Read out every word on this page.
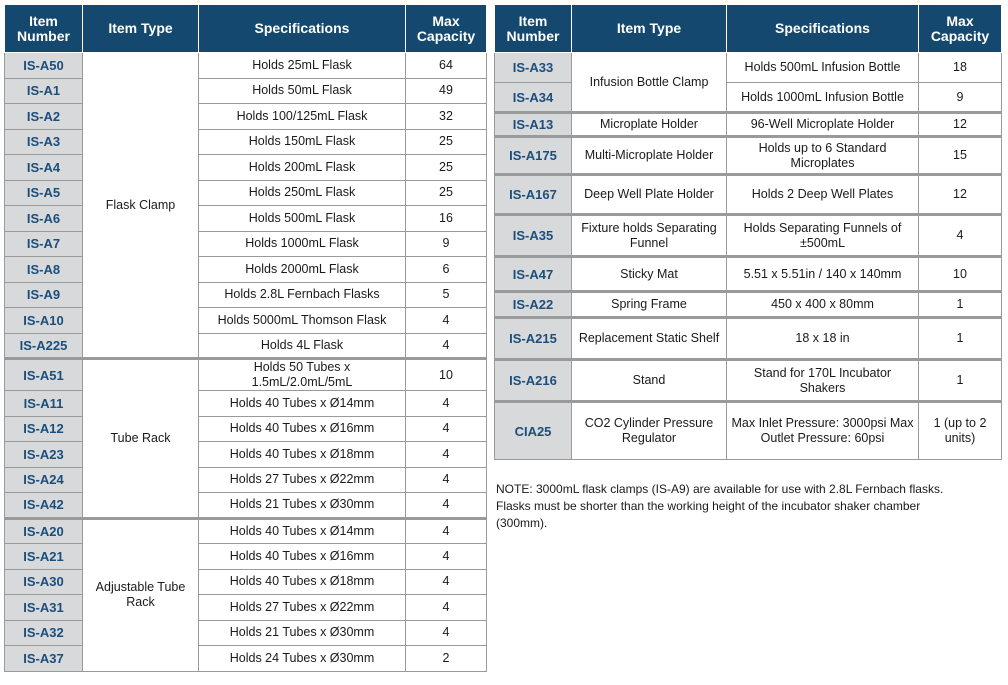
Item Number	Item Type	Specifications	Max Capacity
IS-A50	Flask Clamp	Holds 25mL Flask	64
IS-A1		Holds 50mL Flask	49
IS-A2		Holds 100/125mL Flask	32
IS-A3		Holds 150mL Flask	25
IS-A4		Holds 200mL Flask	25
IS-A5		Holds 250mL Flask	25
IS-A6		Holds 500mL Flask	16
IS-A7		Holds 1000mL Flask	9
IS-A8		Holds 2000mL Flask	6
IS-A9		Holds 2.8L Fernbach Flasks	5
IS-A10		Holds 5000mL Thomson Flask	4
IS-A225		Holds 4L Flask	4
IS-A51	Tube Rack	Holds 50 Tubes x 1.5mL/2.0mL/5mL	10
IS-A11		Holds 40 Tubes x Ø14mm	4
IS-A12		Holds 40 Tubes x Ø16mm	4
IS-A23		Holds 40 Tubes x Ø18mm	4
IS-A24		Holds 27 Tubes x Ø22mm	4
IS-A42		Holds 21 Tubes x Ø30mm	4
IS-A20	Adjustable Tube Rack	Holds 40 Tubes x Ø14mm	4
IS-A21		Holds 40 Tubes x Ø16mm	4
IS-A30		Holds 40 Tubes x Ø18mm	4
IS-A31		Holds 27 Tubes x Ø22mm	4
IS-A32		Holds 21 Tubes x Ø30mm	4
IS-A37		Holds 24 Tubes x Ø30mm	2
Item Number	Item Type	Specifications	Max Capacity
IS-A33	Infusion Bottle Clamp	Holds 500mL Infusion Bottle	18
IS-A34		Holds 1000mL Infusion Bottle	9
IS-A13	Microplate Holder	96-Well Microplate Holder	12
IS-A175	Multi-Microplate Holder	Holds up to 6 Standard Microplates	15
IS-A167	Deep Well Plate Holder	Holds 2 Deep Well Plates	12
IS-A35	Fixture holds Separating Funnel	Holds Separating Funnels of ±500mL	4
IS-A47	Sticky Mat	5.51 x 5.51in / 140 x 140mm	10
IS-A22	Spring Frame	450 x 400 x 80mm	1
IS-A215	Replacement Static Shelf	18 x 18 in	1
IS-A216	Stand	Stand for 170L Incubator Shakers	1
CIA25	CO2 Cylinder Pressure Regulator	Max Inlet Pressure: 3000psi Max Outlet Pressure: 60psi	1 (up to 2 units)
NOTE: 3000mL flask clamps (IS-A9) are available for use with 2.8L Fernbach flasks. Flasks must be shorter than the working height of the incubator shaker chamber (300mm).
